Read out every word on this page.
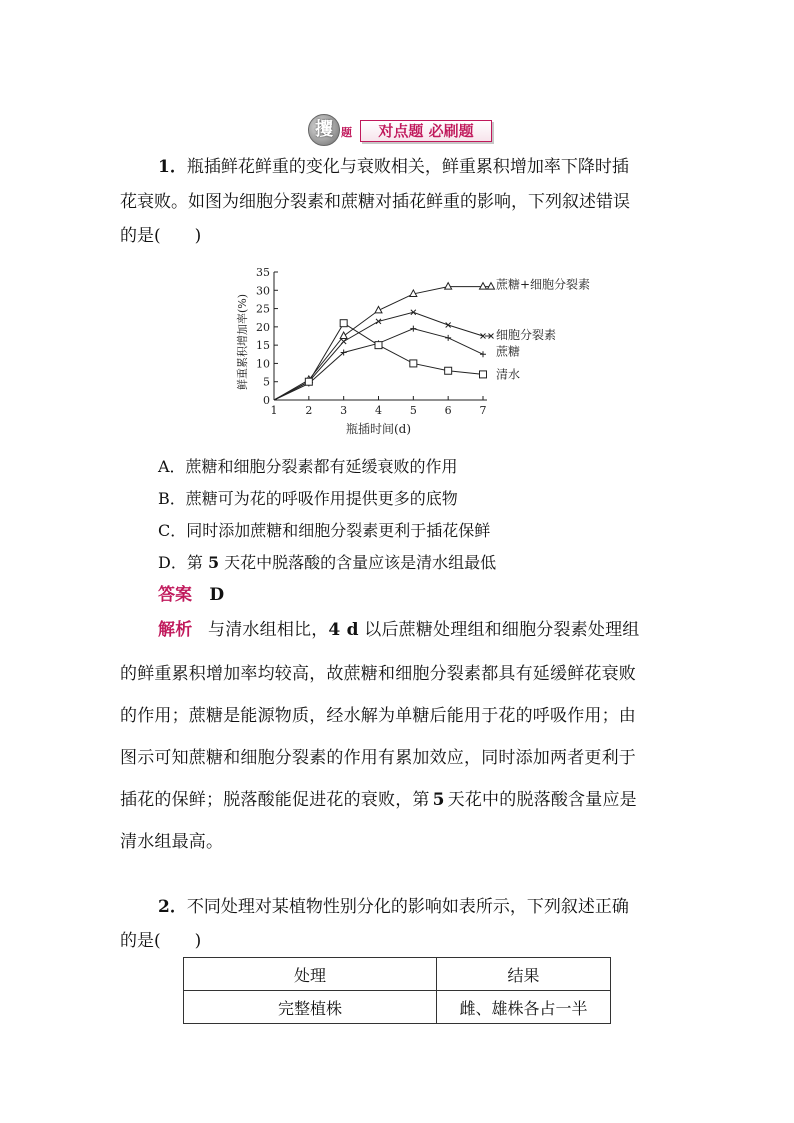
攫 题	对点题 必刷题
1．瓶插鲜花鲜重的变化与衰败相关，鲜重累积增加率下降时插
花衰败。如图为细胞分裂素和蔗糖对插花鲜重的影响，下列叙述错误
的是(　　)
0
5
10
15
20
25
30
35
1	2	3	4	5	6	7
瓶插时间(d)
鲜重累积增加率(%)
蔗糖+细胞分裂素
细胞分裂素
蔗糖
清水
A．蔗糖和细胞分裂素都有延缓衰败的作用
B．蔗糖可为花的呼吸作用提供更多的底物
C．同时添加蔗糖和细胞分裂素更利于插花保鲜
D．第 5 天花中脱落酸的含量应该是清水组最低
答案 D
解析 与清水组相比，4 d 以后蔗糖处理组和细胞分裂素处理组
的鲜重累积增加率均较高，故蔗糖和细胞分裂素都具有延缓鲜花衰败
的作用；蔗糖是能源物质，经水解为单糖后能用于花的呼吸作用；由
图示可知蔗糖和细胞分裂素的作用有累加效应，同时添加两者更利于
插花的保鲜；脱落酸能促进花的衰败，第 5 天花中的脱落酸含量应是
清水组最高。
2．不同处理对某植物性别分化的影响如表所示，下列叙述正确
的是(　　)
处理	结果
完整植株	雌、雄株各占一半
